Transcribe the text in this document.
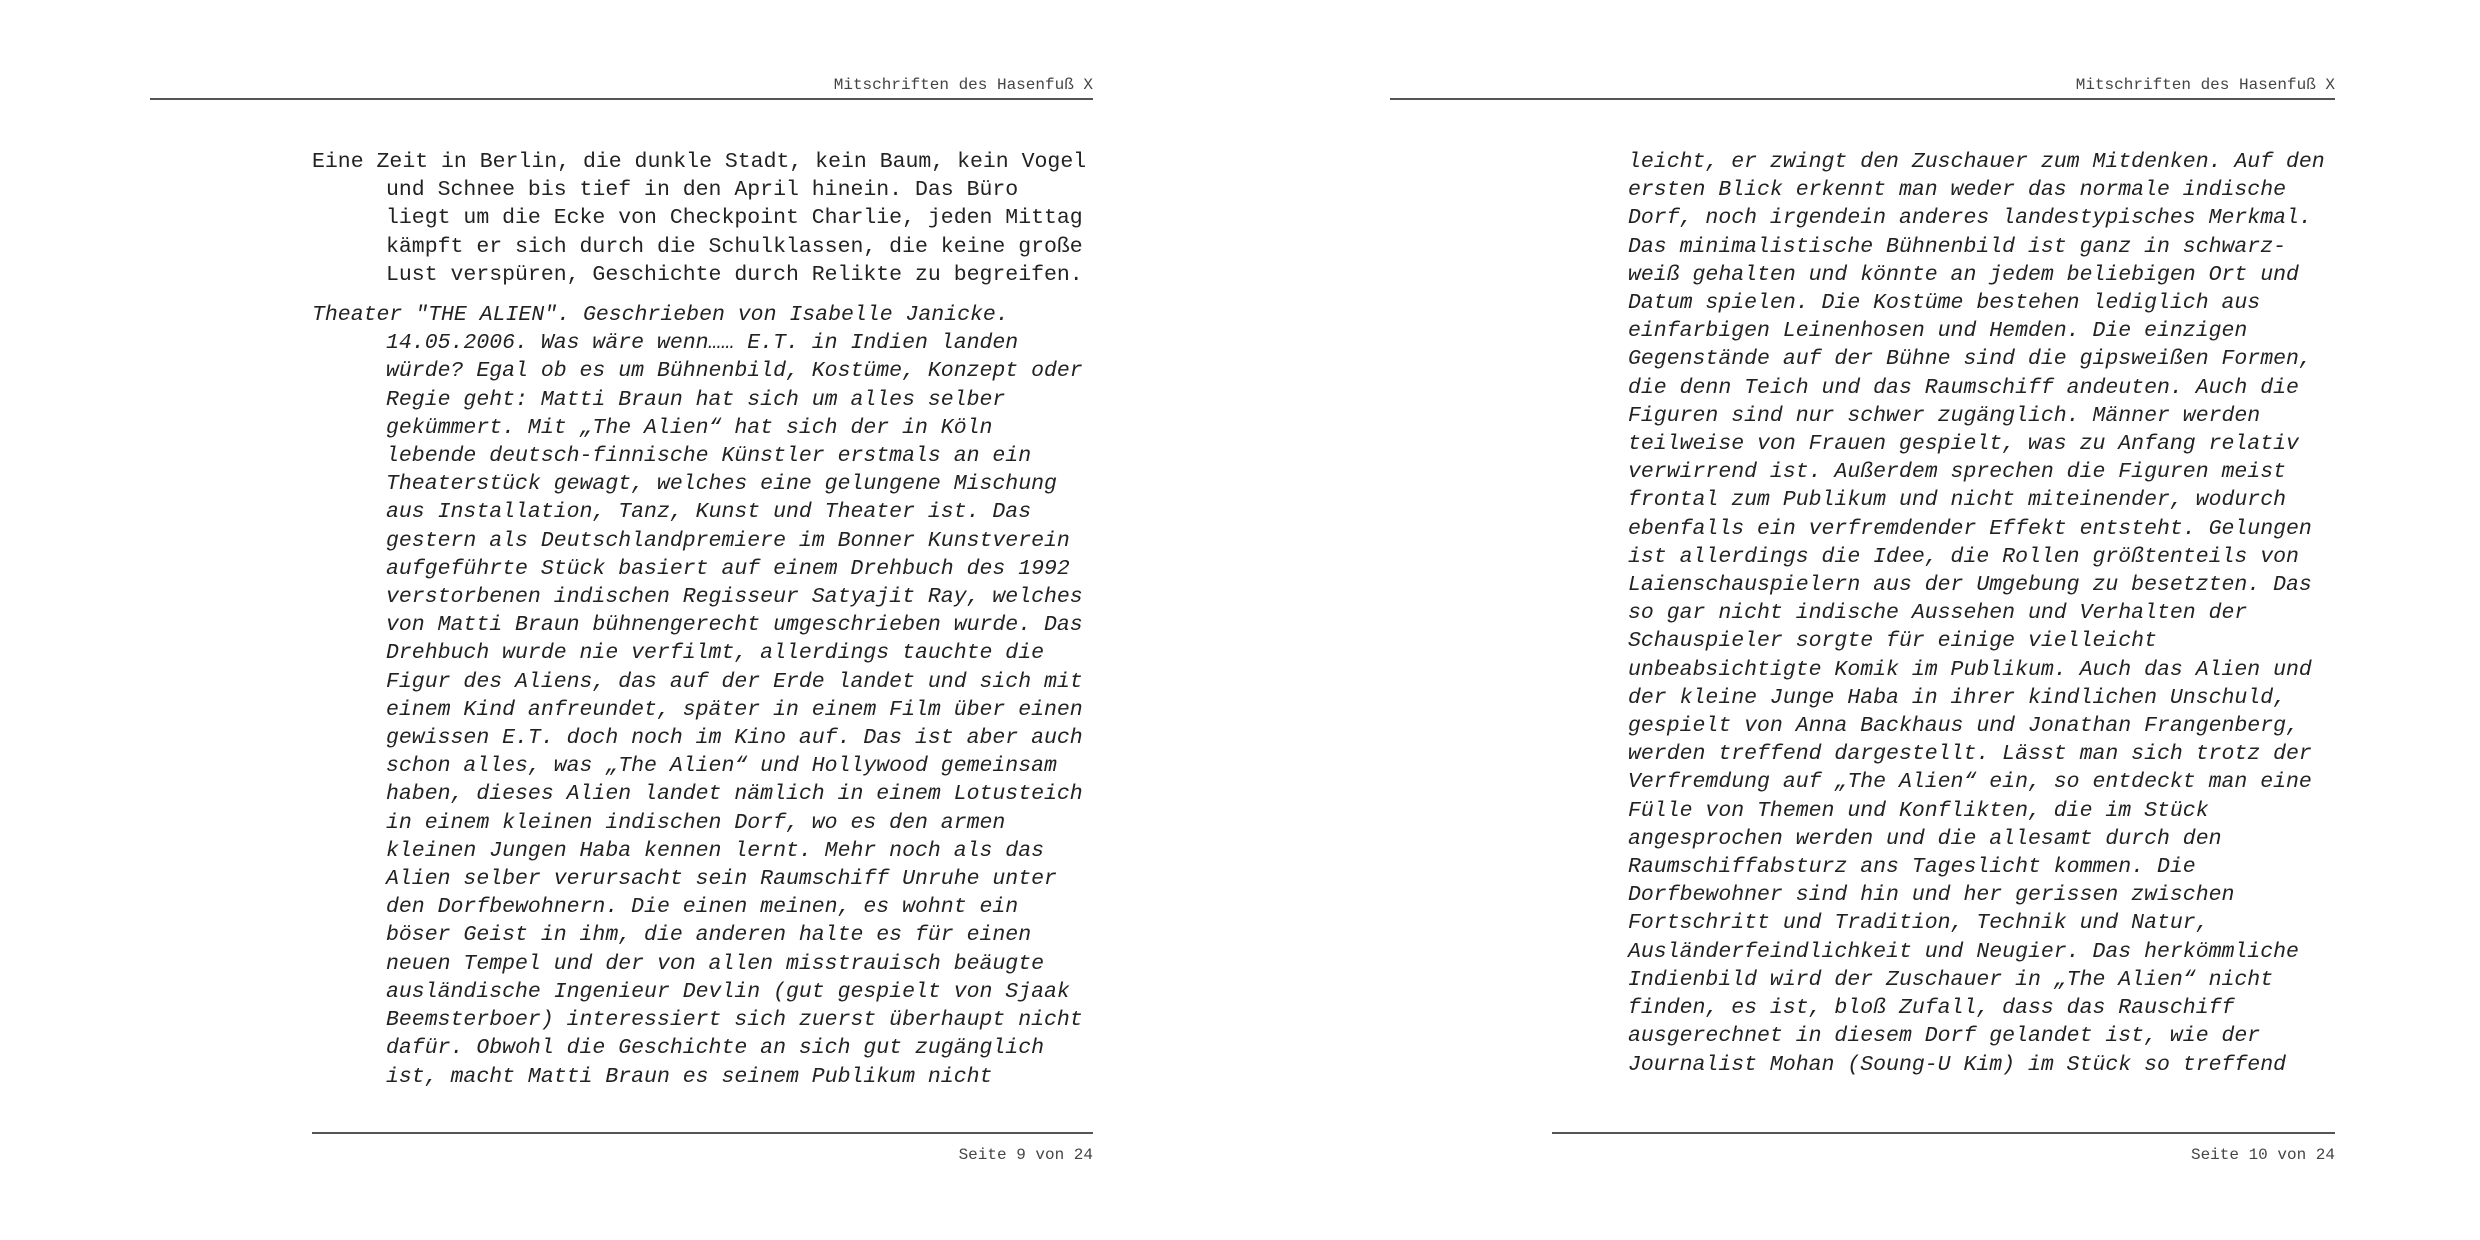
Mitschriften des Hasenfuß X

Eine Zeit in Berlin, die dunkle Stadt, kein Baum, kein Vogel
und Schnee bis tief in den April hinein. Das Büro
liegt um die Ecke von Checkpoint Charlie, jeden Mittag
kämpft er sich durch die Schulklassen, die keine große
Lust verspüren, Geschichte durch Relikte zu begreifen.

Theater "THE ALIEN". Geschrieben von Isabelle Janicke.
14.05.2006. Was wäre wenn…… E.T. in Indien landen
würde? Egal ob es um Bühnenbild, Kostüme, Konzept oder
Regie geht: Matti Braun hat sich um alles selber
gekümmert. Mit „The Alien“ hat sich der in Köln
lebende deutsch-finnische Künstler erstmals an ein
Theaterstück gewagt, welches eine gelungene Mischung
aus Installation, Tanz, Kunst und Theater ist. Das
gestern als Deutschlandpremiere im Bonner Kunstverein
aufgeführte Stück basiert auf einem Drehbuch des 1992
verstorbenen indischen Regisseur Satyajit Ray, welches
von Matti Braun bühnengerecht umgeschrieben wurde. Das
Drehbuch wurde nie verfilmt, allerdings tauchte die
Figur des Aliens, das auf der Erde landet und sich mit
einem Kind anfreundet, später in einem Film über einen
gewissen E.T. doch noch im Kino auf. Das ist aber auch
schon alles, was „The Alien“ und Hollywood gemeinsam
haben, dieses Alien landet nämlich in einem Lotusteich
in einem kleinen indischen Dorf, wo es den armen
kleinen Jungen Haba kennen lernt. Mehr noch als das
Alien selber verursacht sein Raumschiff Unruhe unter
den Dorfbewohnern. Die einen meinen, es wohnt ein
böser Geist in ihm, die anderen halte es für einen
neuen Tempel und der von allen misstrauisch beäugte
ausländische Ingenieur Devlin (gut gespielt von Sjaak
Beemsterboer) interessiert sich zuerst überhaupt nicht
dafür. Obwohl die Geschichte an sich gut zugänglich
ist, macht Matti Braun es seinem Publikum nicht

Seite 9 von 24
Mitschriften des Hasenfuß X

leicht, er zwingt den Zuschauer zum Mitdenken. Auf den
ersten Blick erkennt man weder das normale indische
Dorf, noch irgendein anderes landestypisches Merkmal.
Das minimalistische Bühnenbild ist ganz in schwarz-
weiß gehalten und könnte an jedem beliebigen Ort und
Datum spielen. Die Kostüme bestehen lediglich aus
einfarbigen Leinenhosen und Hemden. Die einzigen
Gegenstände auf der Bühne sind die gipsweißen Formen,
die denn Teich und das Raumschiff andeuten. Auch die
Figuren sind nur schwer zugänglich. Männer werden
teilweise von Frauen gespielt, was zu Anfang relativ
verwirrend ist. Außerdem sprechen die Figuren meist
frontal zum Publikum und nicht miteinender, wodurch
ebenfalls ein verfremdender Effekt entsteht. Gelungen
ist allerdings die Idee, die Rollen größtenteils von
Laienschauspielern aus der Umgebung zu besetzten. Das
so gar nicht indische Aussehen und Verhalten der
Schauspieler sorgte für einige vielleicht
unbeabsichtigte Komik im Publikum. Auch das Alien und
der kleine Junge Haba in ihrer kindlichen Unschuld,
gespielt von Anna Backhaus und Jonathan Frangenberg,
werden treffend dargestellt. Lässt man sich trotz der
Verfremdung auf „The Alien“ ein, so entdeckt man eine
Fülle von Themen und Konflikten, die im Stück
angesprochen werden und die allesamt durch den
Raumschiffabsturz ans Tageslicht kommen. Die
Dorfbewohner sind hin und her gerissen zwischen
Fortschritt und Tradition, Technik und Natur,
Ausländerfeindlichkeit und Neugier. Das herkömmliche
Indienbild wird der Zuschauer in „The Alien“ nicht
finden, es ist, bloß Zufall, dass das Rauschiff
ausgerechnet in diesem Dorf gelandet ist, wie der
Journalist Mohan (Soung-U Kim) im Stück so treffend

Seite 10 von 24
